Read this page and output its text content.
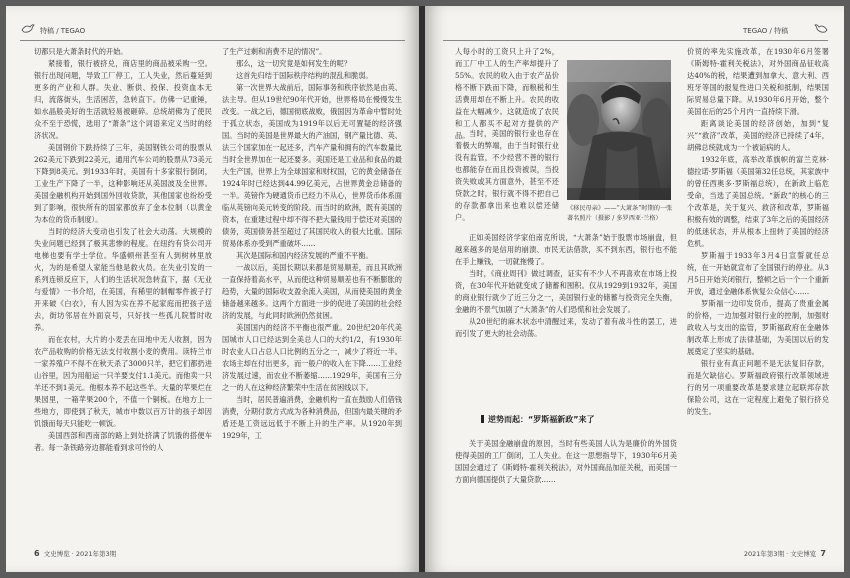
特稿 / TEGAO

切都只是大萧条时代的开始。

紧接着，银行被挤兑，商店里的商品被采购一空。银行出现问题，导致工厂停工，工人失业，然后蔓延到更多的产业和人群。失业、断供、投保、投资血本无归，流落街头，生活困苦，急转直下。仿佛一记重锤，如水晶般美好的生活就轻易被砸碎。总统胡佛为了使民众不至于恐慌，选用了“萧条”这个词语来定义当时的经济状况。

美国钢价下跌持续了三年，美国钢铁公司的股票从262美元下跌到22美元，通用汽车公司的股票从73美元下降到8美元。到1933年时，美国有十多家银行倒闭，工业生产下降了一半，这种影响还从美国波及全世界。美国金融机构开始到国外回收贷款，其他国家也纷纷受到了影响，很快所有的国家都放弃了金本位制（以黄金为本位的货币制度）。

当时的经济大变动也引发了社会大动荡。大规模的失业问题已经到了极其悲惨的程度。在纽约有贷公司开电梯也要有学士学位。华盛顿州甚至有人到树林里放火，为的是希望人家能当他是救火员。在失业引发的一系列连锁反应下，人们的生活状况急转直下，据《无业与爱情》一书介绍，在美国，有稀里的制帽零件被子打开来破《白衣》，有人因为实在养不起家庭而把孩子送去，街坊邻居在外面哀号，只好找一些孤儿院暂时收养。

而在农村，大片的小麦丢在田地中无人收割，因为农产品收购的价格无法支付收割小麦的费用。读特兰市一家养殖户不得不在秋天杀了3000只羊，把它们都扔进山谷里，因为用船运一只羊要支付1.1美元。而他卖一只羊还不到1美元。他根本养不起这些羊。大量的苹果烂在果园里，一箱苹果200个，不值一个铜板。在地方上一些地方，即使到了秋天，城市中数以百万计的孩子却因饥饿而每天只能吃一顿饭。

美国西部和西南部的路上到处挤满了饥饿的搭便车者。每一条铁路旁边都能看到求可怜的人

了生产过剩和消费不足的情况”。

那么，这一切究竟是如何发生的呢？

这首先归结于国际秩序结构的混乱和脆弱。

第一次世界大战前后，国际事务和秩序依然是由英、法主导。但从19世纪90年代开始，世界格局在慢慢发生改变。一战之后，德国彻底战败，俄国因为革命中暂时处于孤立状态，美国成为1919年以后无可置疑的经济强国。当时的美国是世界最大的产油国，钢产量比德、英、法三个国家加在一起还多，汽车产量和拥有的汽车数量比当时全世界加在一起还要多。美国还是工业品和食品的最大生产国，世界上为全球国家和财权国，它的黄金储备在1924年时已经达到44.99亿美元，占世界黄金总储备的一半。英镑作为硬通货币已经力不从心，世界货币体系面临从英镑向美元转变的阶段。而当时的欧洲，既有美国的资本，在重建过程中却不得不把大量钱用于偿还对美国的债务，英国债务甚至超过了其国民收入的很大比重。国际贸易体系亦受到严重破坏……

其次是国际和国内经济发展的严重不平衡。

一战以后，美国长期以来都是贸易顺差，而且其欧洲一直保持着高水平，从而使这种贸易顺差也有不断膨胀的趋势，大量的国际收支盈余流入美国，从而使美国的黄金储备越来越多。这两个方面进一步的促进了美国的社会经济的发展，与此同时欧洲仍然贫困。

美国国内的经济不平衡也很严重。20世纪20年代美国城市人口已经达到全美总人口的大约1/2，有1930年时农业人口占总人口比例的五分之一，减少了将近一半。农场主却在付出更多，而一般户的收入在下降……工业经济发展过速，而农业不断萎缩……1929年，美国有三分之一的人在这种经济繁荣中生活在贫困线以下。

当时，居民普遍消费，金融机构一直在鼓励人们借钱消费，分期付款方式成为各种消费品，但国内最关键的矛盾还是工资远远低于不断上升的生产率。从1920年到1929年，工

6 文史博览 · 2021年第3期
TEGAO / 特稿

人每小时的工资只上升了2%，而工厂中工人的生产率却提升了55%。农民的收入由于农产品价格不断下跌而下降，而粮税和生活费用却在不断上升。农民的收益在大幅减少。这就造成了农民和工人都买不起对方提供的产品。

《移民母亲》——“大萧条”时期的一张著名照片（摄影 / 多罗西亚·兰格）

当时，美国的银行业也存在着极大的弊端，由于当时银行业没有监管，不少经营不善的银行也都能存在而且投资被误，当投资失败或其方面意外，甚至不还贷款之时，银行就不得不把自己的存款都拿出来也难以偿还储户。

正如美国经济学家伯南克所说，“大萧条”始于股票市场崩盘，但越来越多的是信用的崩溃、市民无法借款，买不到东西，银行也不能在手上赚钱，一切就拖慢了。

当时，《商业周刊》做过调查，证实有不少人不再喜欢在市场上投资，在30年代开始就变成了储蓄和囤积。仅从1929到1932年，美国的商业银行就少了近三分之一，美国银行业的储蓄与投资完全失衡，金融的不景气加剧了“大萧条”的人们恐慌和社会发展了。

从20世纪的麻木状态中清醒过来，发动了着有战斗性的罢工，进而引发了更大的社会动荡。

逆势而起：“罗斯福新政”来了

关于美国金融崩盘的原因，当时有些美国人认为是廉价的外国货使得美国的工厂倒闭，工人失业。在这一思想指导下，1930年6月美国国会通过了《斯姆特-霍利关税法》，对外国商品加征关税，而美国一方面向德国提供了大量贷款……

价贸的率先实施改革，在1930年6月签署《斯姆特-霍利关税法》，对外国商品征收高达40%的税，结果遭到加拿大、意大利、西班牙等国的报复性进口关税和抵制，结果国际贸易总量下降。从1930年6月开始，整个美国在后的25个月内一直持续下滑。

距离谈论美国的经济创始，加到“复兴”“救济”改革，美国的经济已持续了4年，胡佛总统就成为一个被诟病的人。

1932年底，高举改革旗帜的富兰克林·德拉诺·罗斯福（美国第32任总统，其家族中的曾任西奥多·罗斯福总统），在新政上临危受命，当选了美国总统。“新政”的核心的三个改革是，关于复兴、救济和改革，罗斯福积极有效的调整，结束了3年之后的美国经济的低迷状态，并从根本上扭转了美国的经济危机。

罗斯福于1933年3月4日宣誓就任总统，在一开始就宣布了全国银行的停业。从3月5日开始关闭银行，整顿之后一个一个重新开放，通过金融体系恢复公众信心……

罗斯福一边印发货币，提高了贵重金属的价格，一边加强对银行业的控制，加强财政收入与支出的监管，罗斯福政府在金融体制改革上形成了法律基础，为美国以后的发展奠定了坚实的基础。

银行业有真正问题不是无法复旧存款，而是欠缺信心。罗斯福政府银行改革领域进行的另一项重要改革是要求建立起联邦存款保险公司，这在一定程度上避免了银行挤兑的发生。

2021年第3期 · 文史博览 7
